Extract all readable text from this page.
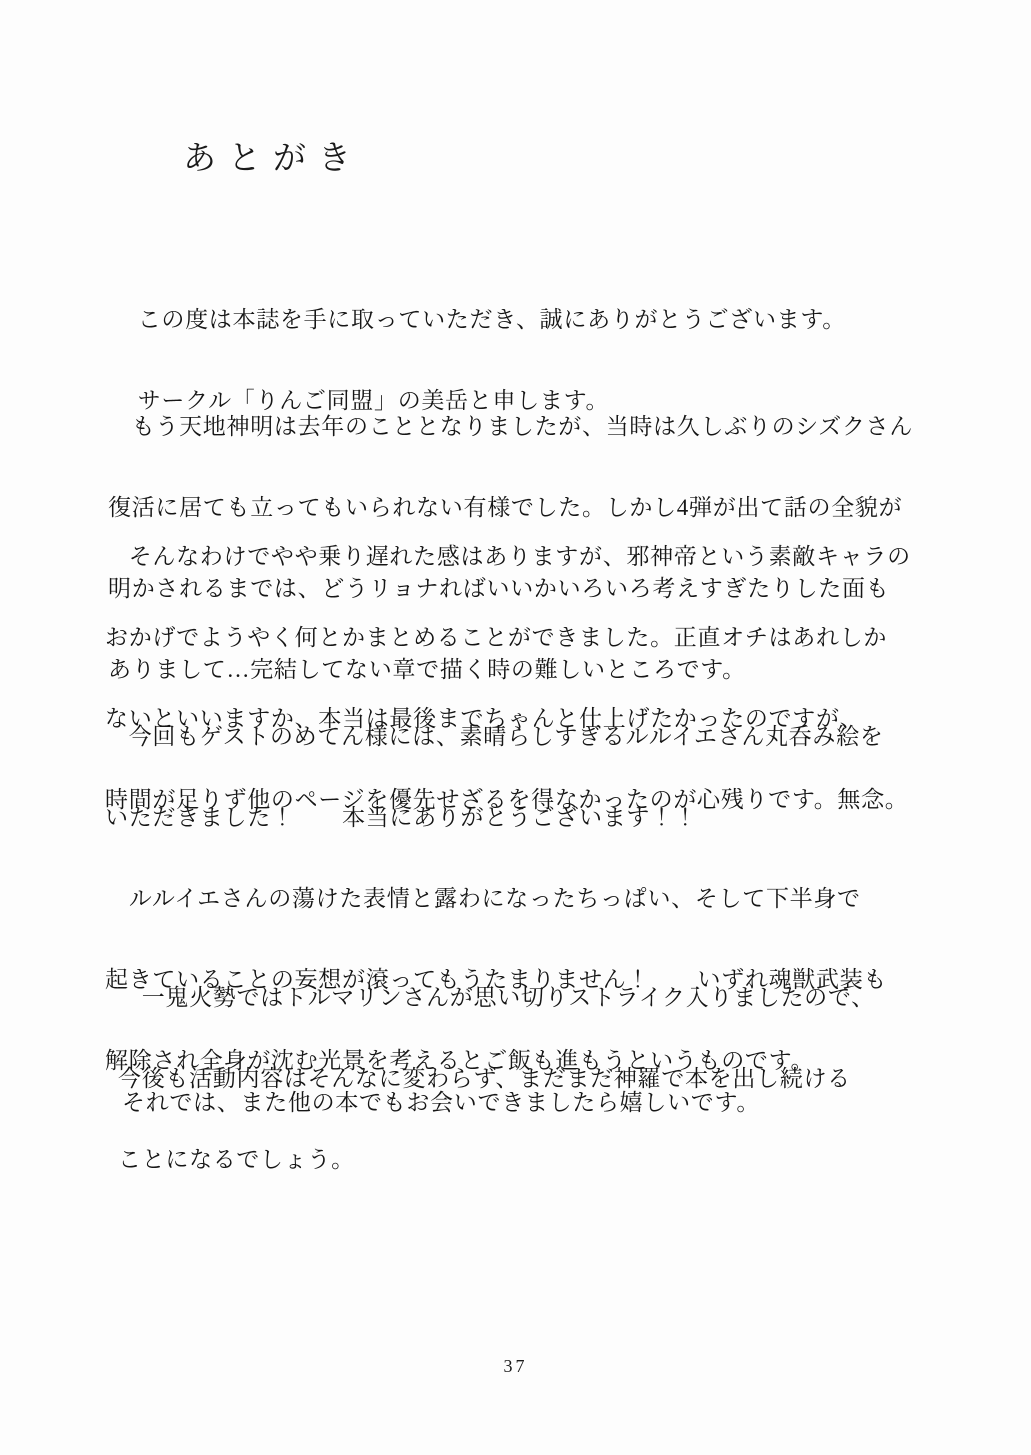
あとがき

　この度は本誌を手に取っていただき、誠にありがとうございます。

　サークル「りんご同盟」の美岳と申します。

　もう天地神明は去年のこととなりましたが、当時は久しぶりのシズクさん

復活に居ても立ってもいられない有様でした。しかし4弾が出て話の全貌が

明かされるまでは、どうリョナればいいかいろいろ考えすぎたりした面も

ありまして…完結してない章で描く時の難しいところです。

　そんなわけでやや乗り遅れた感はありますが、邪神帝という素敵キャラの

おかげでようやく何とかまとめることができました。正直オチはあれしか

ないといいますか、本当は最後までちゃんと仕上げたかったのですが、

時間が足りず他のページを優先せざるを得なかったのが心残りです。無念。

　今回もゲストのめてん様には、素晴らしすぎるルルイエさん丸呑み絵を

いただきました！　　本当にありがとうございます！！

　ルルイエさんの蕩けた表情と露わになったちっぱい、そして下半身で

起きていることの妄想が滾ってもうたまりません！　　いずれ魂獣武装も

解除され全身が沈む光景を考えるとご飯も進もうというものです。

　一鬼火勢ではトルマリンさんが思い切りストライク入りましたので、

今後も活動内容はそんなに変わらず、まだまだ神羅で本を出し続ける

ことになるでしょう。

それでは、また他の本でもお会いできましたら嬉しいです。

37
